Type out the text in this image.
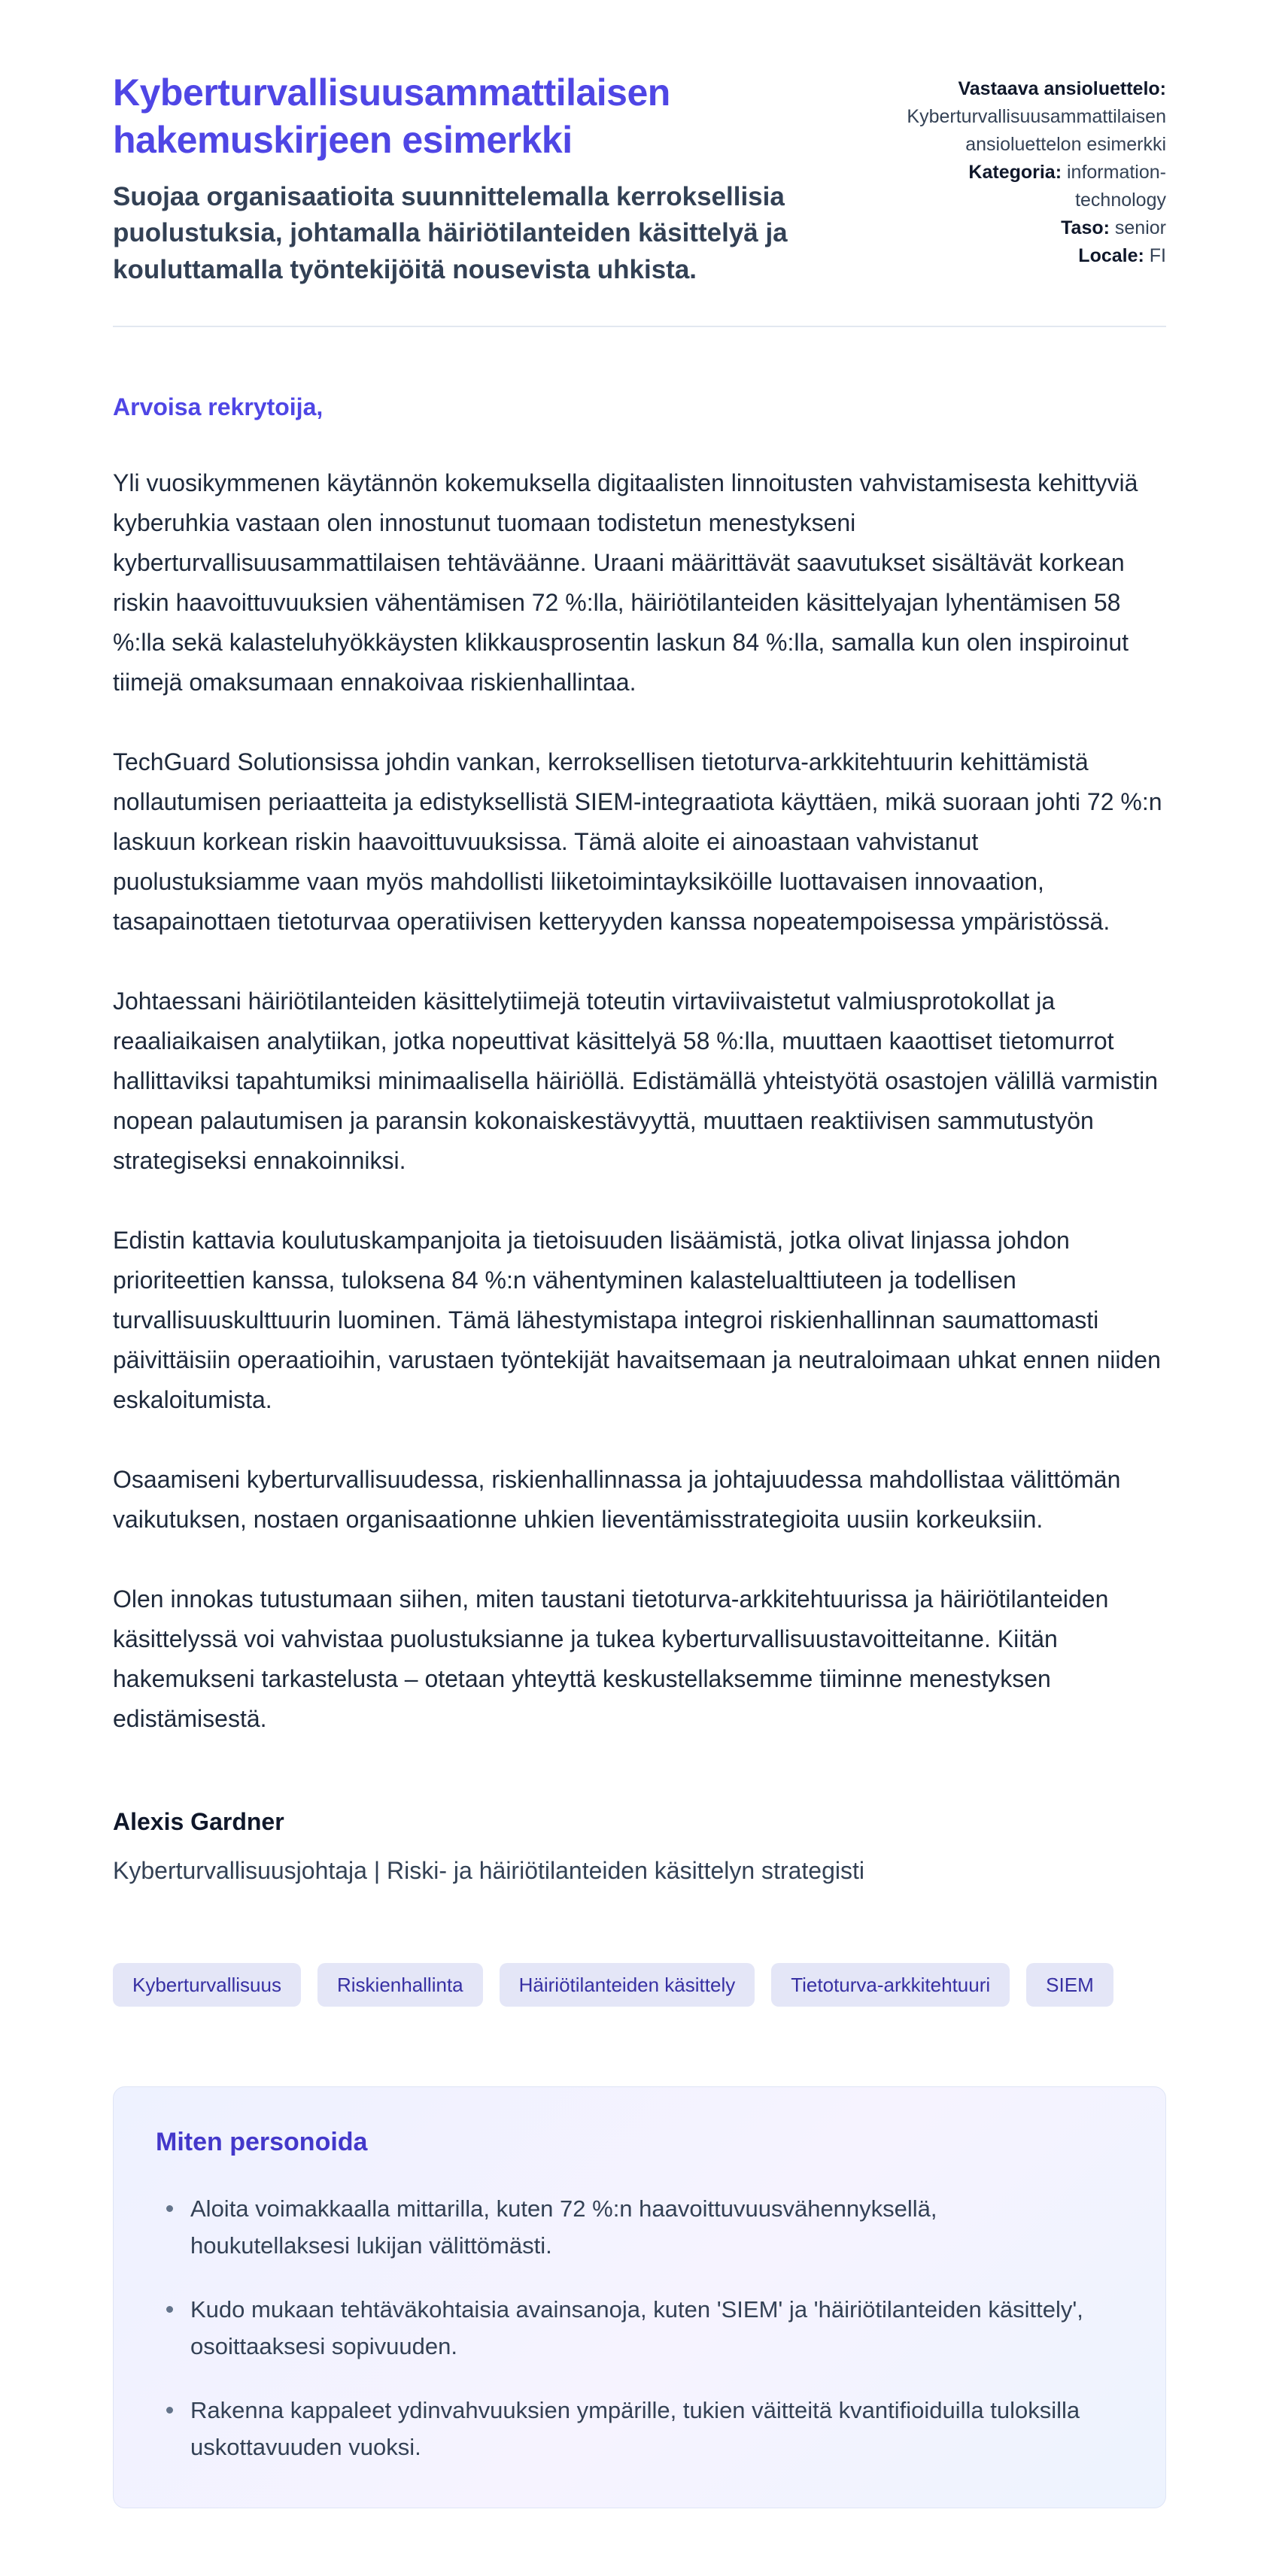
Kyberturvallisuusammattilaisen hakemuskirjeen esimerkki
Suojaa organisaatioita suunnittelemalla kerroksellisia puolustuksia, johtamalla häiriötilanteiden käsittelyä ja kouluttamalla työntekijöitä nousevista uhkista.
Vastaava ansioluettelo: Kyberturvallisuusammattilaisen ansioluettelon esimerkki
Kategoria: information-technology
Taso: senior
Locale: FI
Arvoisa rekrytoija,

Yli vuosikymmenen käytännön kokemuksella digitaalisten linnoitusten vahvistamisesta kehittyviä kyberuhkia vastaan olen innostunut tuomaan todistetun menestykseni kyberturvallisuusammattilaisen tehtäväänne. Uraani määrittävät saavutukset sisältävät korkean riskin haavoittuvuuksien vähentämisen 72 %:lla, häiriötilanteiden käsittelyajan lyhentämisen 58 %:lla sekä kalasteluhyökkäysten klikkausprosentin laskun 84 %:lla, samalla kun olen inspiroinut tiimejä omaksumaan ennakoivaa riskienhallintaa.

TechGuard Solutionsissa johdin vankan, kerroksellisen tietoturva-arkkitehtuurin kehittämistä nollautumisen periaatteita ja edistyksellistä SIEM-integraatiota käyttäen, mikä suoraan johti 72 %:n laskuun korkean riskin haavoittuvuuksissa. Tämä aloite ei ainoastaan vahvistanut puolustuksiamme vaan myös mahdollisti liiketoimintayksiköille luottavaisen innovaation, tasapainottaen tietoturvaa operatiivisen ketteryyden kanssa nopeatempoisessa ympäristössä.

Johtaessani häiriötilanteiden käsittelytiimejä toteutin virtaviivaistetut valmiusprotokollat ja reaaliaikaisen analytiikan, jotka nopeuttivat käsittelyä 58 %:lla, muuttaen kaaottiset tietomurrot hallittaviksi tapahtumiksi minimaalisella häiriöllä. Edistämällä yhteistyötä osastojen välillä varmistin nopean palautumisen ja paransin kokonaiskestävyyttä, muuttaen reaktiivisen sammutustyön strategiseksi ennakoinniksi.

Edistin kattavia koulutuskampanjoita ja tietoisuuden lisäämistä, jotka olivat linjassa johdon prioriteettien kanssa, tuloksena 84 %:n vähentyminen kalastelualttiuteen ja todellisen turvallisuuskulttuurin luominen. Tämä lähestymistapa integroi riskienhallinnan saumattomasti päivittäisiin operaatioihin, varustaen työntekijät havaitsemaan ja neutraloimaan uhkat ennen niiden eskaloitumista.

Osaamiseni kyberturvallisuudessa, riskienhallinnassa ja johtajuudessa mahdollistaa välittömän vaikutuksen, nostaen organisaationne uhkien lieventämisstrategioita uusiin korkeuksiin.

Olen innokas tutustumaan siihen, miten taustani tietoturva-arkkitehtuurissa ja häiriötilanteiden käsittelyssä voi vahvistaa puolustuksianne ja tukea kyberturvallisuustavoitteitanne. Kiitän hakemukseni tarkastelusta – otetaan yhteyttä keskustellaksemme tiiminne menestyksen edistämisestä.

Alexis Gardner
Kyberturvallisuusjohtaja | Riski- ja häiriötilanteiden käsittelyn strategisti
Kyberturvallisuus	Riskienhallinta	Häiriötilanteiden käsittely	Tietoturva-arkkitehtuuri	SIEM
Miten personoida
Aloita voimakkaalla mittarilla, kuten 72 %:n haavoittuvuusvähennyksellä, houkutellaksesi lukijan välittömästi.
Kudo mukaan tehtäväkohtaisia avainsanoja, kuten 'SIEM' ja 'häiriötilanteiden käsittely', osoittaaksesi sopivuuden.
Rakenna kappaleet ydinvahvuuksien ympärille, tukien väitteitä kvantifioiduilla tuloksilla uskottavuuden vuoksi.
